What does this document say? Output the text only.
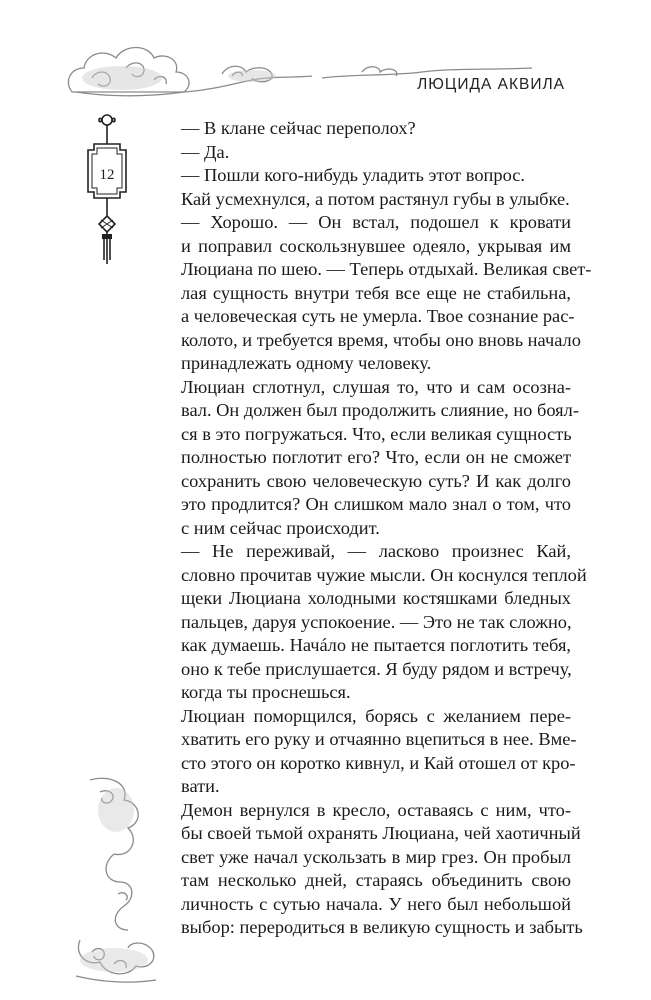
ЛЮЦИДА АКВИЛА
12
— В клане сейчас переполох?
— Да.
— Пошли кого-нибудь уладить этот вопрос.
Кай усмехнулся, а потом растянул губы в улыбке.
— Хорошо. — Он встал, подошел к кровати
и поправил соскользнувшее одеяло, укрывая им
Люциана по шею. — Теперь отдыхай. Великая свет-
лая сущность внутри тебя все еще не стабильна,
а человеческая суть не умерла. Твое сознание рас-
колото, и требуется время, чтобы оно вновь начало
принадлежать одному человеку.
Люциан сглотнул, слушая то, что и сам осозна-
вал. Он должен был продолжить слияние, но боял-
ся в это погружаться. Что, если великая сущность
полностью поглотит его? Что, если он не сможет
сохранить свою человеческую суть? И как долго
это продлится? Он слишком мало знал о том, что
с ним сейчас происходит.
— Не переживай, — ласково произнес Кай,
словно прочитав чужие мысли. Он коснулся теплой
щеки Люциана холодными костяшками бледных
пальцев, даруя успокоение. — Это не так сложно,
как думаешь. Начáло не пытается поглотить тебя,
оно к тебе прислушается. Я буду рядом и встречу,
когда ты проснешься.
Люциан поморщился, борясь с желанием пере-
хватить его руку и отчаянно вцепиться в нее. Вме-
сто этого он коротко кивнул, и Кай отошел от кро-
вати.
Демон вернулся в кресло, оставаясь с ним, что-
бы своей тьмой охранять Люциана, чей хаотичный
свет уже начал ускользать в мир грез. Он пробыл
там несколько дней, стараясь объединить свою
личность с сутью начала. У него был небольшой
выбор: переродиться в великую сущность и забыть
